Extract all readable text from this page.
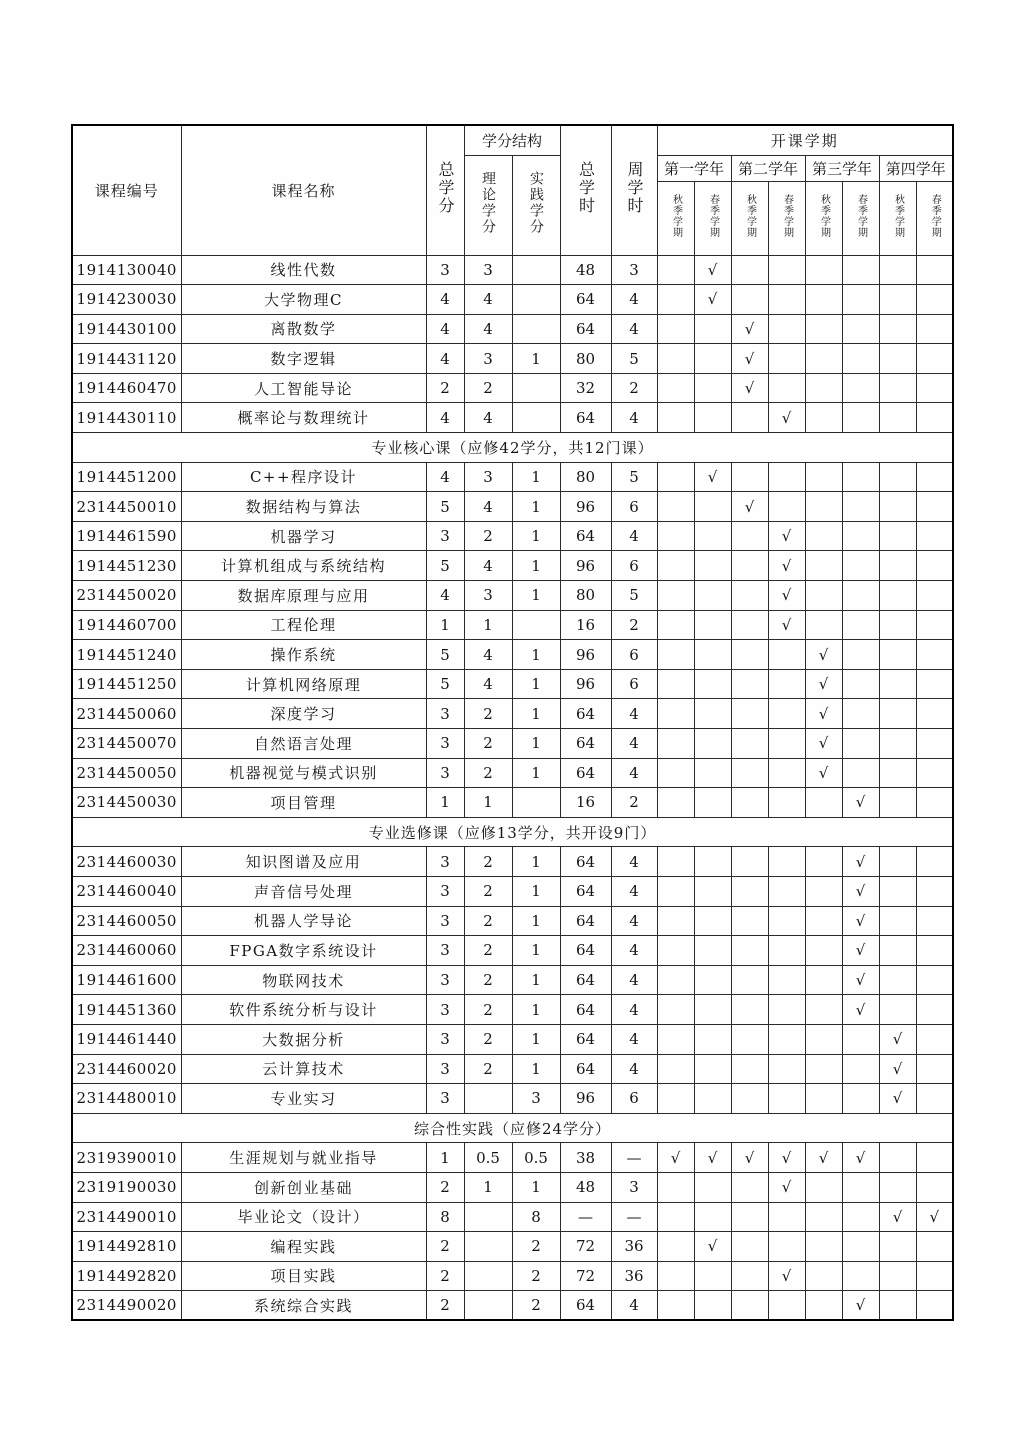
课程编号	课程名称	总学分	学分结构		总学时	周学时	开课学期							
			理论学分	实践学分			第一学年		第二学年		第三学年		第四学年	
							秋季学期	春季学期	秋季学期	春季学期	秋季学期	春季学期	秋季学期	春季学期
1914130040	线性代数	3	3		48	3		√						
1914230030	大学物理C	4	4		64	4		√						
1914430100	离散数学	4	4		64	4			√					
1914431120	数字逻辑	4	3	1	80	5			√					
1914460470	人工智能导论	2	2		32	2			√					
1914430110	概率论与数理统计	4	4		64	4				√				
专业核心课（应修42学分，共12门课）														
1914451200	C++程序设计	4	3	1	80	5		√						
2314450010	数据结构与算法	5	4	1	96	6			√					
1914461590	机器学习	3	2	1	64	4				√				
1914451230	计算机组成与系统结构	5	4	1	96	6				√				
2314450020	数据库原理与应用	4	3	1	80	5				√				
1914460700	工程伦理	1	1		16	2				√				
1914451240	操作系统	5	4	1	96	6					√			
1914451250	计算机网络原理	5	4	1	96	6					√			
2314450060	深度学习	3	2	1	64	4					√			
2314450070	自然语言处理	3	2	1	64	4					√			
2314450050	机器视觉与模式识别	3	2	1	64	4					√			
2314450030	项目管理	1	1		16	2						√		
专业选修课（应修13学分，共开设9门）														
2314460030	知识图谱及应用	3	2	1	64	4						√		
2314460040	声音信号处理	3	2	1	64	4						√		
2314460050	机器人学导论	3	2	1	64	4						√		
2314460060	FPGA数字系统设计	3	2	1	64	4						√		
1914461600	物联网技术	3	2	1	64	4						√		
1914451360	软件系统分析与设计	3	2	1	64	4						√		
1914461440	大数据分析	3	2	1	64	4							√	
2314460020	云计算技术	3	2	1	64	4							√	
2314480010	专业实习	3		3	96	6							√	
综合性实践（应修24学分）														
2319390010	生涯规划与就业指导	1	0.5	0.5	38	—	√	√	√	√	√	√		
2319190030	创新创业基础	2	1	1	48	3				√				
2314490010	毕业论文（设计）	8		8	—	—							√	√
1914492810	编程实践	2		2	72	36		√						
1914492820	项目实践	2		2	72	36				√				
2314490020	系统综合实践	2		2	64	4						√		
